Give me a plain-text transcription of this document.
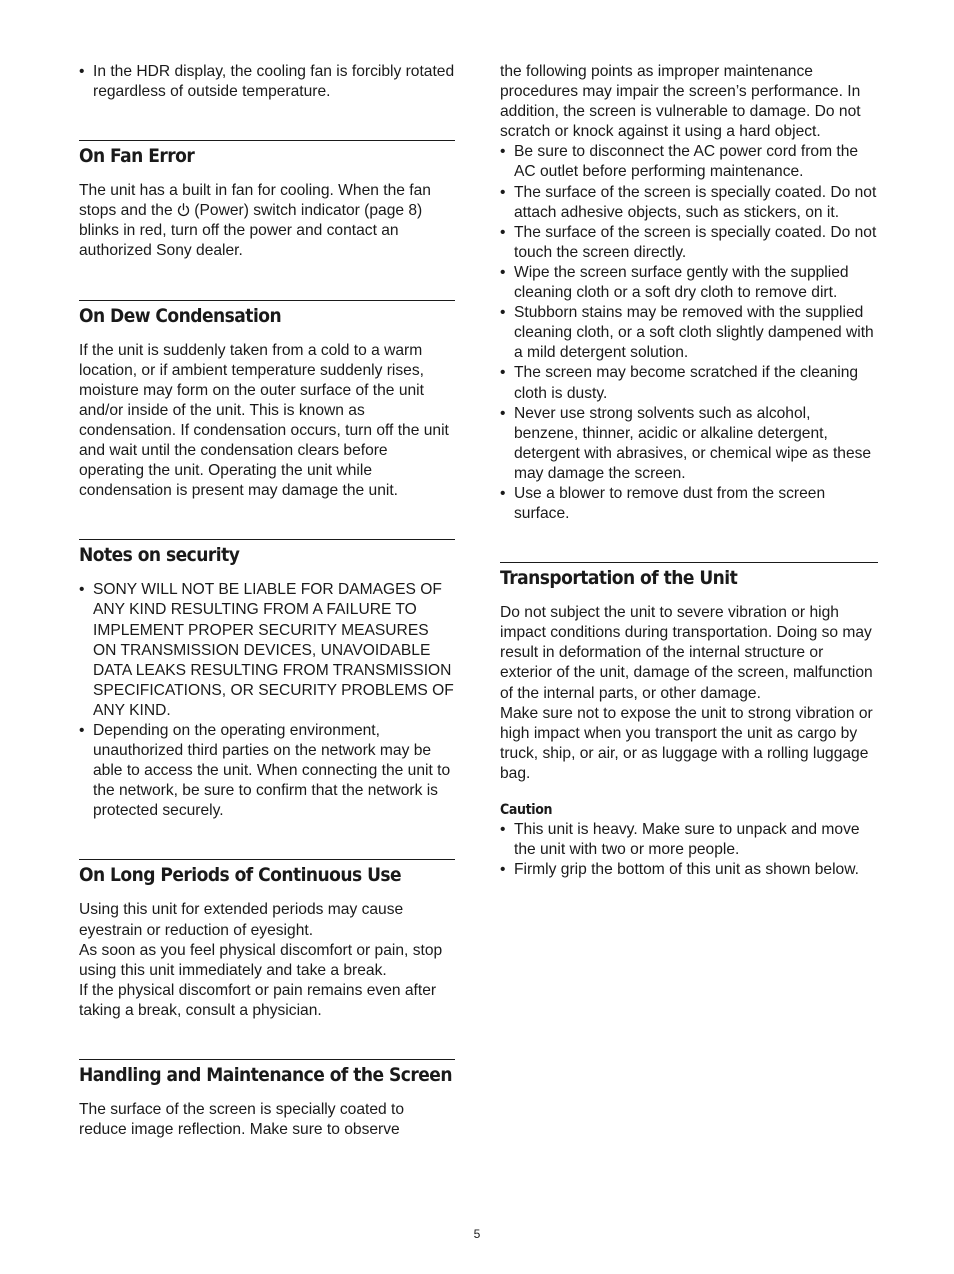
• In the HDR display, the cooling fan is forcibly rotated regardless of outside temperature.
On Fan Error

The unit has a built in fan for cooling. When the fan stops and the  (Power) switch indicator (page 8) blinks in red, turn off the power and contact an authorized Sony dealer.

On Dew Condensation

If the unit is suddenly taken from a cold to a warm location, or if ambient temperature suddenly rises, moisture may form on the outer surface of the unit and/or inside of the unit. This is known as condensation. If condensation occurs, turn off the unit and wait until the condensation clears before operating the unit. Operating the unit while condensation is present may damage the unit.

Notes on security
• SONY WILL NOT BE LIABLE FOR DAMAGES OF ANY KIND RESULTING FROM A FAILURE TO IMPLEMENT PROPER SECURITY MEASURES ON TRANSMISSION DEVICES, UNAVOIDABLE DATA LEAKS RESULTING FROM TRANSMISSION SPECIFICATIONS, OR SECURITY PROBLEMS OF ANY KIND.
• Depending on the operating environment, unauthorized third parties on the network may be able to access the unit. When connecting the unit to the network, be sure to confirm that the network is protected securely.
On Long Periods of Continuous Use

Using this unit for extended periods may cause eyestrain or reduction of eyesight.

As soon as you feel physical discomfort or pain, stop using this unit immediately and take a break.

If the physical discomfort or pain remains even after taking a break, consult a physician.

Handling and Maintenance of the Screen

The surface of the screen is specially coated to reduce image reflection. Make sure to observe

the following points as improper maintenance procedures may impair the screen’s performance. In addition, the screen is vulnerable to damage. Do not scratch or knock against it using a hard object.

• Be sure to disconnect the AC power cord from the AC outlet before performing maintenance.
• The surface of the screen is specially coated. Do not attach adhesive objects, such as stickers, on it.
• The surface of the screen is specially coated. Do not touch the screen directly.
• Wipe the screen surface gently with the supplied cleaning cloth or a soft dry cloth to remove dirt.
• Stubborn stains may be removed with the supplied cleaning cloth, or a soft cloth slightly dampened with a mild detergent solution.
• The screen may become scratched if the cleaning cloth is dusty.
• Never use strong solvents such as alcohol, benzene, thinner, acidic or alkaline detergent, detergent with abrasives, or chemical wipe as these may damage the screen.
• Use a blower to remove dust from the screen surface.
Transportation of the Unit

Do not subject the unit to severe vibration or high impact conditions during transportation. Doing so may result in deformation of the internal structure or exterior of the unit, damage of the screen, malfunction of the internal parts, or other damage.

Make sure not to expose the unit to strong vibration or high impact when you transport the unit as cargo by truck, ship, or air, or as luggage with a rolling luggage bag.

Caution
• This unit is heavy. Make sure to unpack and move the unit with two or more people.
• Firmly grip the bottom of this unit as shown below.
5
